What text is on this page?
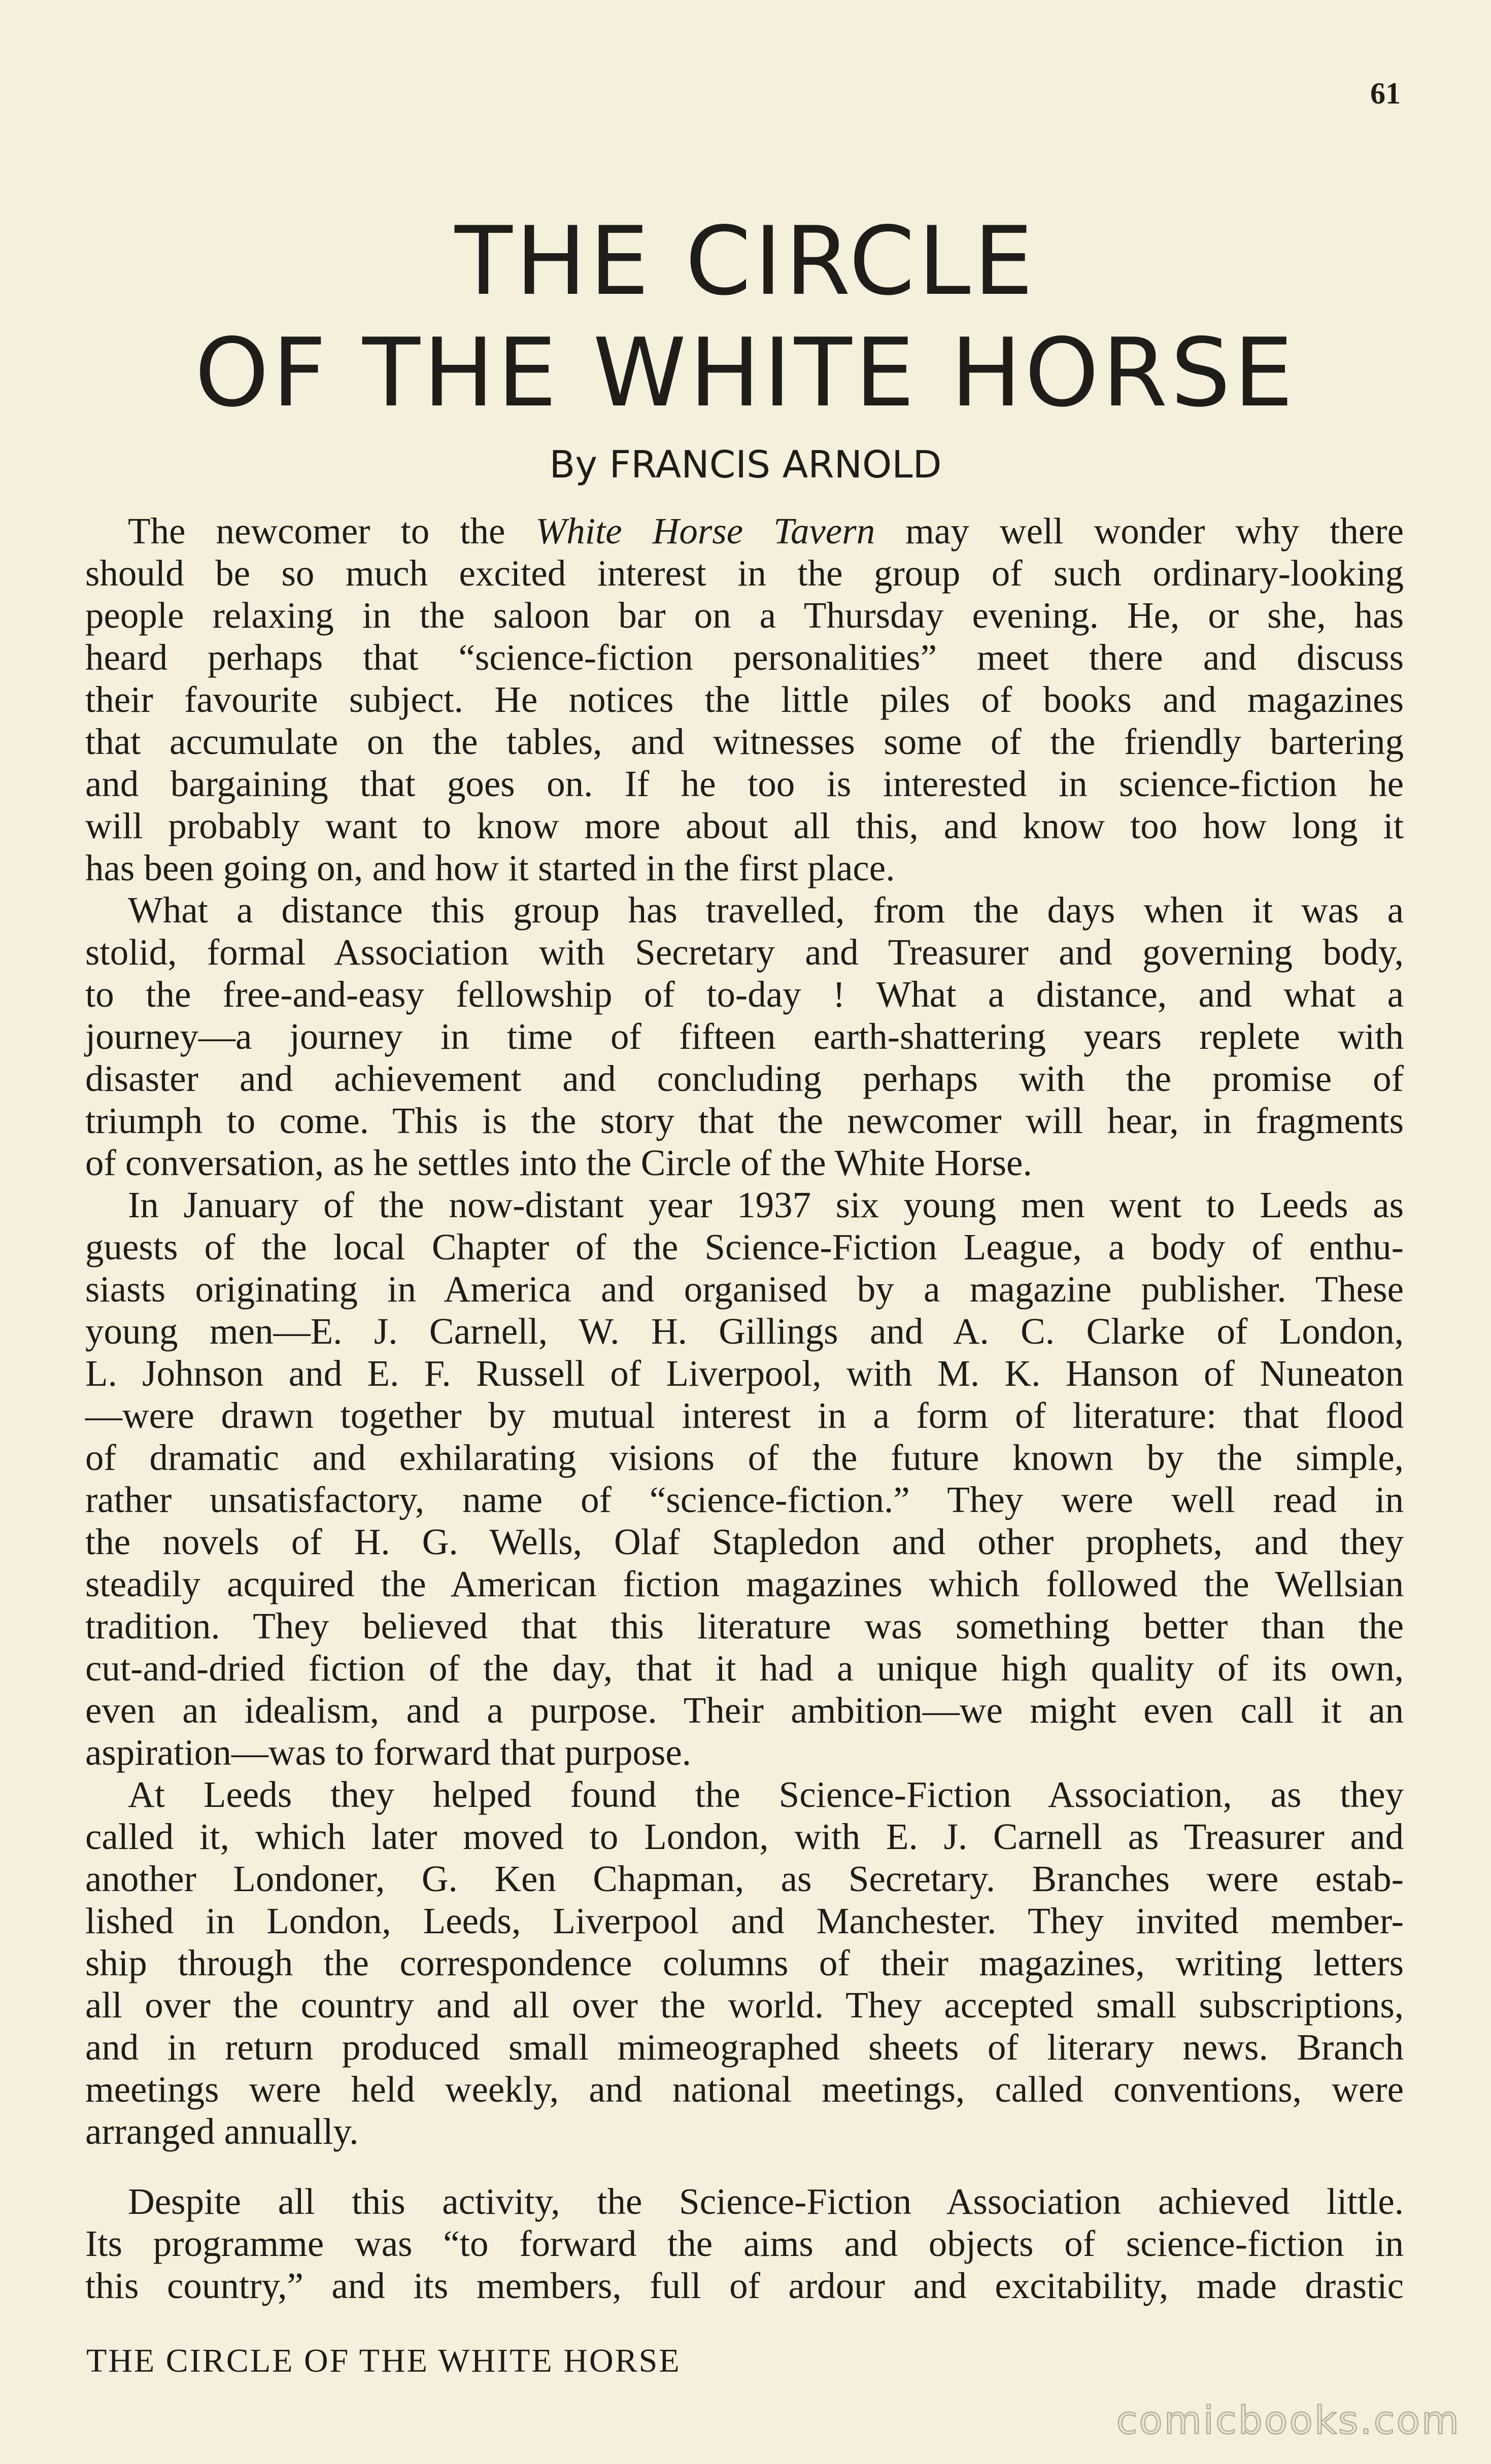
61
THE CIRCLE
OF THE WHITE HORSE
By FRANCIS ARNOLD
The newcomer to the White Horse Tavern may well wonder why there
should be so much excited interest in the group of such ordinary-looking
people relaxing in the saloon bar on a Thursday evening. He, or she, has
heard perhaps that “science-fiction personalities” meet there and discuss
their favourite subject. He notices the little piles of books and magazines
that accumulate on the tables, and witnesses some of the friendly bartering
and bargaining that goes on. If he too is interested in science-fiction he
will probably want to know more about all this, and know too how long it
has been going on, and how it started in the first place.
What a distance this group has travelled, from the days when it was a
stolid, formal Association with Secretary and Treasurer and governing body,
to the free-and-easy fellowship of to-day ! What a distance, and what a
journey—a journey in time of fifteen earth-shattering years replete with
disaster and achievement and concluding perhaps with the promise of
triumph to come. This is the story that the newcomer will hear, in fragments
of conversation, as he settles into the Circle of the White Horse.
In January of the now-distant year 1937 six young men went to Leeds as
guests of the local Chapter of the Science-Fiction League, a body of enthu-
siasts originating in America and organised by a magazine publisher. These
young men—E. J. Carnell, W. H. Gillings and A. C. Clarke of London,
L. Johnson and E. F. Russell of Liverpool, with M. K. Hanson of Nuneaton
—were drawn together by mutual interest in a form of literature: that flood
of dramatic and exhilarating visions of the future known by the simple,
rather unsatisfactory, name of “science-fiction.” They were well read in
the novels of H. G. Wells, Olaf Stapledon and other prophets, and they
steadily acquired the American fiction magazines which followed the Wellsian
tradition. They believed that this literature was something better than the
cut-and-dried fiction of the day, that it had a unique high quality of its own,
even an idealism, and a purpose. Their ambition—we might even call it an
aspiration—was to forward that purpose.
At Leeds they helped found the Science-Fiction Association, as they
called it, which later moved to London, with E. J. Carnell as Treasurer and
another Londoner, G. Ken Chapman, as Secretary. Branches were estab-
lished in London, Leeds, Liverpool and Manchester. They invited member-
ship through the correspondence columns of their magazines, writing letters
all over the country and all over the world. They accepted small subscriptions,
and in return produced small mimeographed sheets of literary news. Branch
meetings were held weekly, and national meetings, called conventions, were
arranged annually.
Despite all this activity, the Science-Fiction Association achieved little.
Its programme was “to forward the aims and objects of science-fiction in
this country,” and its members, full of ardour and excitability, made drastic
THE CIRCLE OF THE WHITE HORSE
comicbooks.com
